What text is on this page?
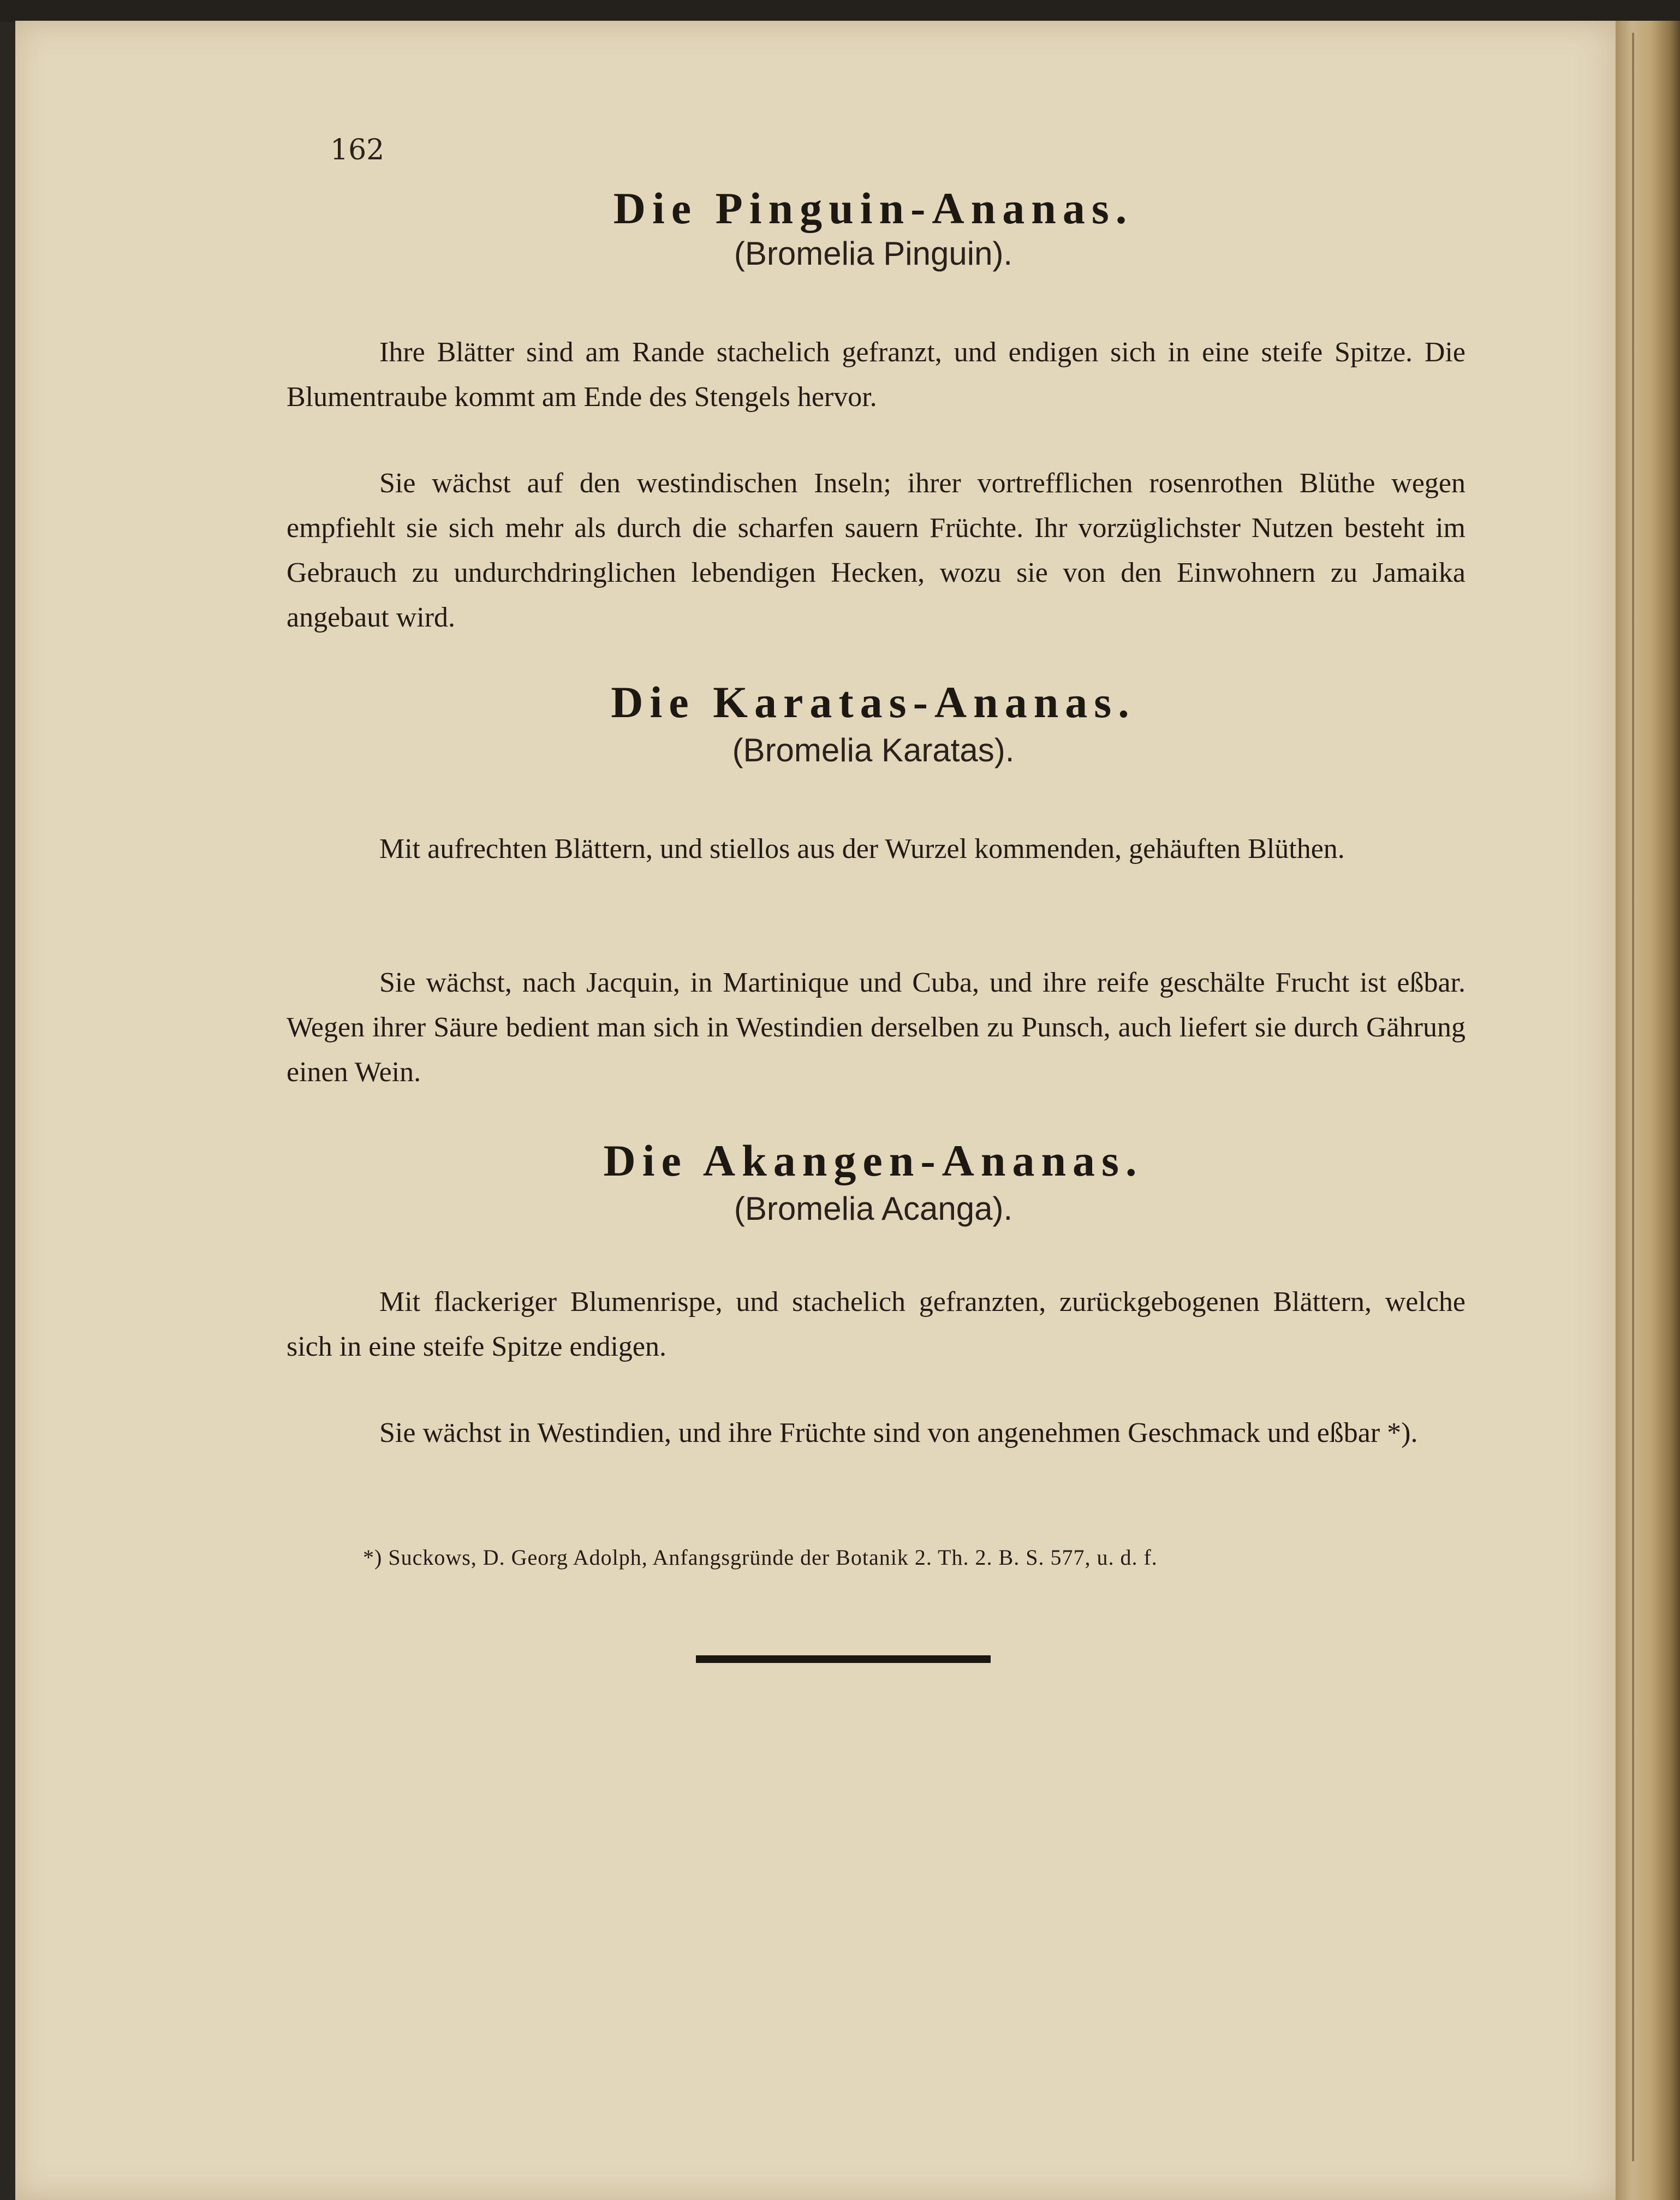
162
Die Pinguin-Ananas.
(Bromelia Pinguin).
Ihre Blätter sind am Rande stachelich gefranzt, und endigen sich in eine steife Spitze. Die Blumentraube kommt am Ende des Stengels hervor.
Sie wächst auf den westindischen Inseln; ihrer vortrefflichen rosenrothen Blüthe wegen empfiehlt sie sich mehr als durch die scharfen sauern Früchte. Ihr vorzüglichster Nutzen besteht im Gebrauch zu undurchdringlichen lebendigen Hecken, wozu sie von den Einwohnern zu Jamaika angebaut wird.
Die Karatas-Ananas.
(Bromelia Karatas).
Mit aufrechten Blättern, und stiellos aus der Wurzel kommenden, gehäuften Blüthen.
Sie wächst, nach Jacquin, in Martinique und Cuba, und ihre reife geschälte Frucht ist eßbar. Wegen ihrer Säure bedient man sich in Westindien derselben zu Punsch, auch liefert sie durch Gährung einen Wein.
Die Akangen-Ananas.
(Bromelia Acanga).
Mit flackeriger Blumenrispe, und stachelich gefranzten, zurückgebogenen Blättern, welche sich in eine steife Spitze endigen.
Sie wächst in Westindien, und ihre Früchte sind von angenehmen Geschmack und eßbar *).
*) Suckows, D. Georg Adolph, Anfangsgründe der Botanik 2. Th. 2. B. S. 577, u. d. f.
